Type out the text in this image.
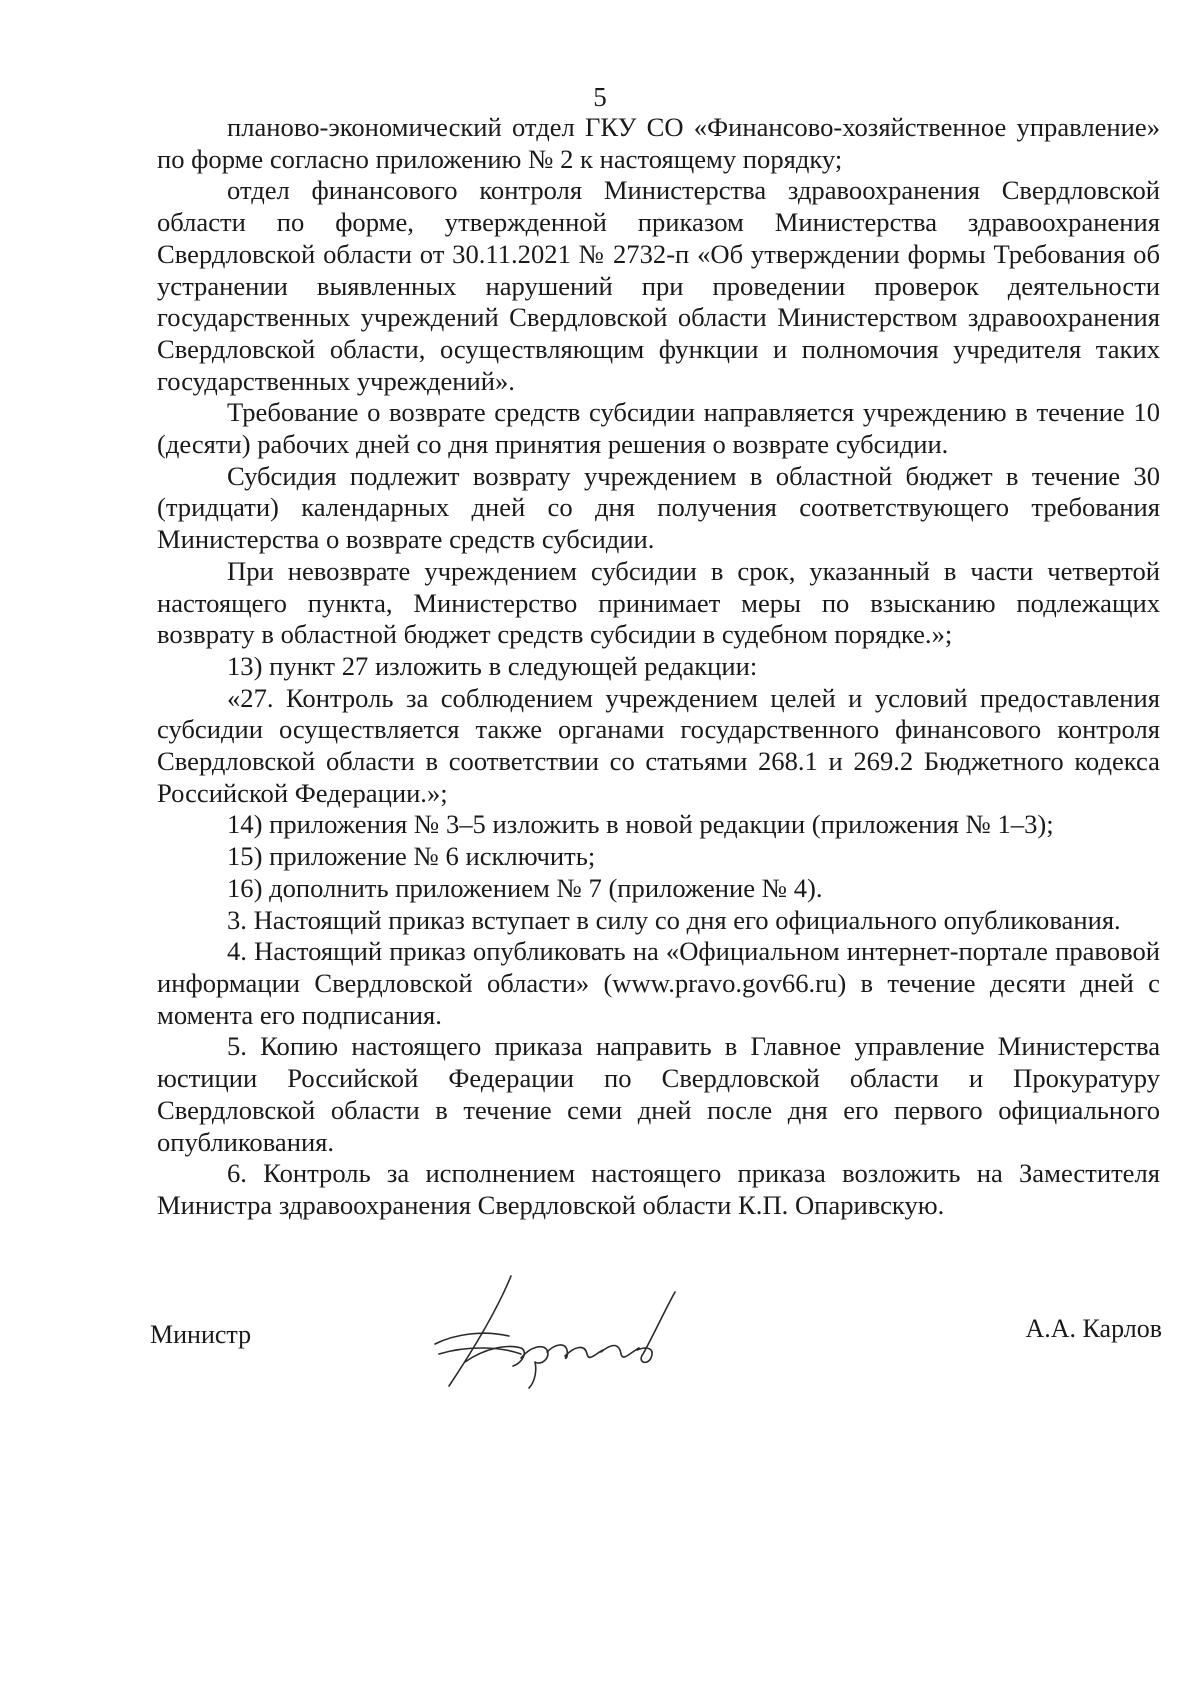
5

планово-экономический отдел ГКУ СО «Финансово-хозяйственное управление» по форме согласно приложению № 2 к настоящему порядку;

отдел финансового контроля Министерства здравоохранения Свердловской области по форме, утвержденной приказом Министерства здравоохранения Свердловской области от 30.11.2021 № 2732-п «Об утверждении формы Требования об устранении выявленных нарушений при проведении проверок деятельности государственных учреждений Свердловской области Министерством здравоохранения Свердловской области, осуществляющим функции и полномочия учредителя таких государственных учреждений».

Требование о возврате средств субсидии направляется учреждению в течение 10 (десяти) рабочих дней со дня принятия решения о возврате субсидии.

Субсидия подлежит возврату учреждением в областной бюджет в течение 30 (тридцати) календарных дней со дня получения соответствующего требования Министерства о возврате средств субсидии.

При невозврате учреждением субсидии в срок, указанный в части четвертой настоящего пункта, Министерство принимает меры по взысканию подлежащих возврату в областной бюджет средств субсидии в судебном порядке.»;

13) пункт 27 изложить в следующей редакции:

«27. Контроль за соблюдением учреждением целей и условий предоставления субсидии осуществляется также органами государственного финансового контроля Свердловской области в соответствии со статьями 268.1 и 269.2 Бюджетного кодекса Российской Федерации.»;

14) приложения № 3–5 изложить в новой редакции (приложения № 1–3);

15) приложение № 6 исключить;

16) дополнить приложением № 7 (приложение № 4).

3. Настоящий приказ вступает в силу со дня его официального опубликования.

4. Настоящий приказ опубликовать на «Официальном интернет-портале правовой информации Свердловской области» (www.pravo.gov66.ru) в течение десяти дней с момента его подписания.

5. Копию настоящего приказа направить в Главное управление Министерства юстиции Российской Федерации по Свердловской области и Прокуратуру Свердловской области в течение семи дней после дня его первого официального опубликования.

6. Контроль за исполнением настоящего приказа возложить на Заместителя Министра здравоохранения Свердловской области К.П. Опаривскую.

Министр	А.А. Карлов
